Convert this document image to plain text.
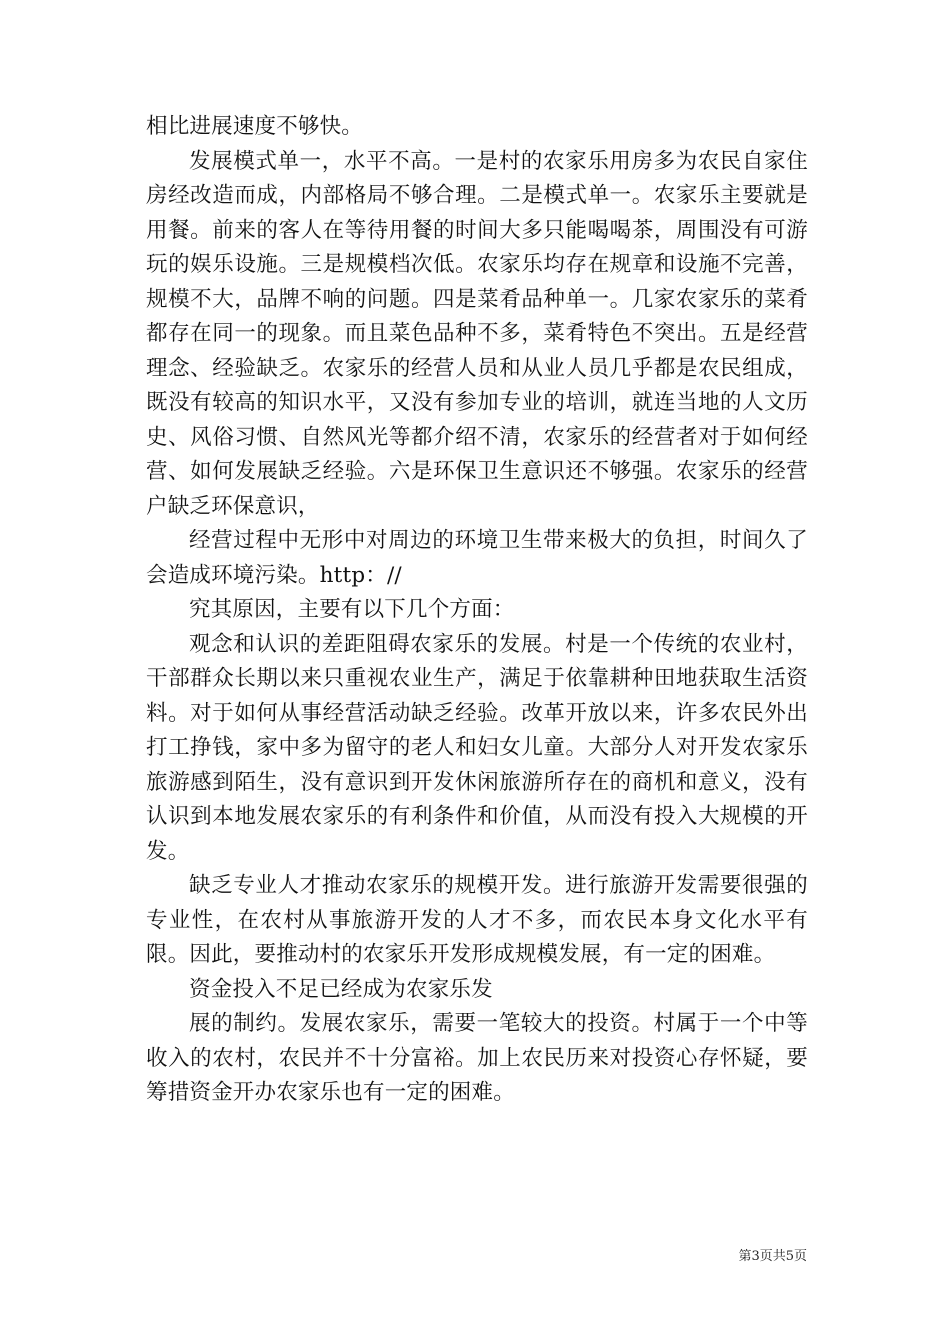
相比进展速度不够快。

发展模式单一，水平不高。一是村的农家乐用房多为农民自家住房经改造而成，内部格局不够合理。二是模式单一。农家乐主要就是用餐。前来的客人在等待用餐的时间大多只能喝喝茶，周围没有可游玩的娱乐设施。三是规模档次低。农家乐均存在规章和设施不完善，规模不大，品牌不响的问题。四是菜肴品种单一。几家农家乐的菜肴都存在同一的现象。而且菜色品种不多，菜肴特色不突出。五是经营理念、经验缺乏。农家乐的经营人员和从业人员几乎都是农民组成，既没有较高的知识水平，又没有参加专业的培训，就连当地的人文历史、风俗习惯、自然风光等都介绍不清，农家乐的经营者对于如何经营、如何发展缺乏经验。六是环保卫生意识还不够强。农家乐的经营户缺乏环保意识，

经营过程中无形中对周边的环境卫生带来极大的负担，时间久了会造成环境污染。http：//

究其原因，主要有以下几个方面：

观念和认识的差距阻碍农家乐的发展。村是一个传统的农业村，干部群众长期以来只重视农业生产，满足于依靠耕种田地获取生活资料。对于如何从事经营活动缺乏经验。改革开放以来，许多农民外出打工挣钱，家中多为留守的老人和妇女儿童。大部分人对开发农家乐旅游感到陌生，没有意识到开发休闲旅游所存在的商机和意义，没有认识到本地发展农家乐的有利条件和价值，从而没有投入大规模的开发。

缺乏专业人才推动农家乐的规模开发。进行旅游开发需要很强的专业性，在农村从事旅游开发的人才不多，而农民本身文化水平有限。因此，要推动村的农家乐开发形成规模发展，有一定的困难。

资金投入不足已经成为农家乐发

展的制约。发展农家乐，需要一笔较大的投资。村属于一个中等收入的农村，农民并不十分富裕。加上农民历来对投资心存怀疑，要筹措资金开办农家乐也有一定的困难。

第3页共5页
